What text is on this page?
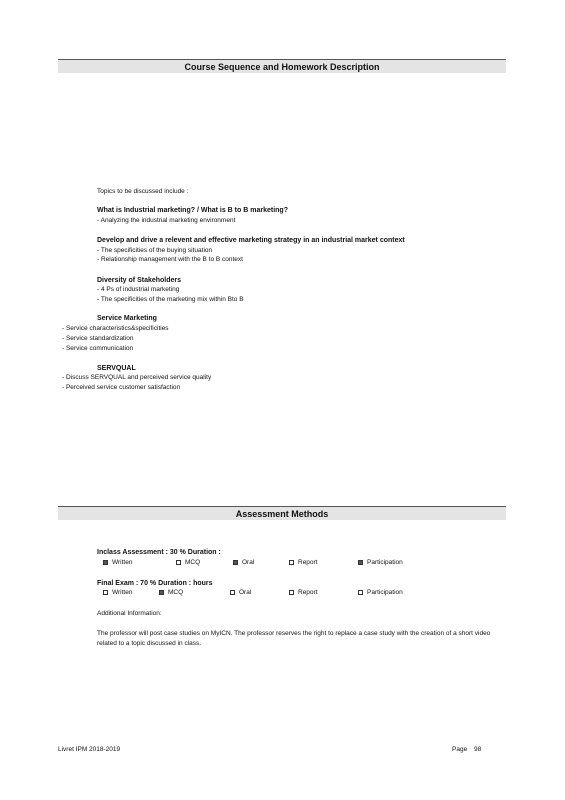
Course Sequence and Homework Description
Topics to be discussed include :
What is Industrial marketing? / What is B to B marketing?
- Analyzing the industrial marketing environment
Develop and drive a relevent and effective marketing strategy in an industrial market context
- The specificities of the buying situation
- Relationship management with the B to B context
Diversity of Stakeholders
- 4 Ps of industrial marketing
- The specificities of the marketing mix within Bto B
Service Marketing
- Service characteristics&specificities
- Service standardization
- Service communication
SERVQUAL
- Discuss SERVQUAL and perceived service quality
- Perceived service customer satisfaction
Assessment Methods
Inclass Assessment : 30 % Duration :
Written	MCQ	Oral	Report	Participation
Final Exam : 70 % Duration : hours
Written	MCQ	Oral	Report	Participation
Additional Information:
The professor will post case studies on MyICN. The professor reserves the right to replace a case study with the creation of a short video related to a topic discussed in class.
Livret IPM 2018-2019	Page 98
